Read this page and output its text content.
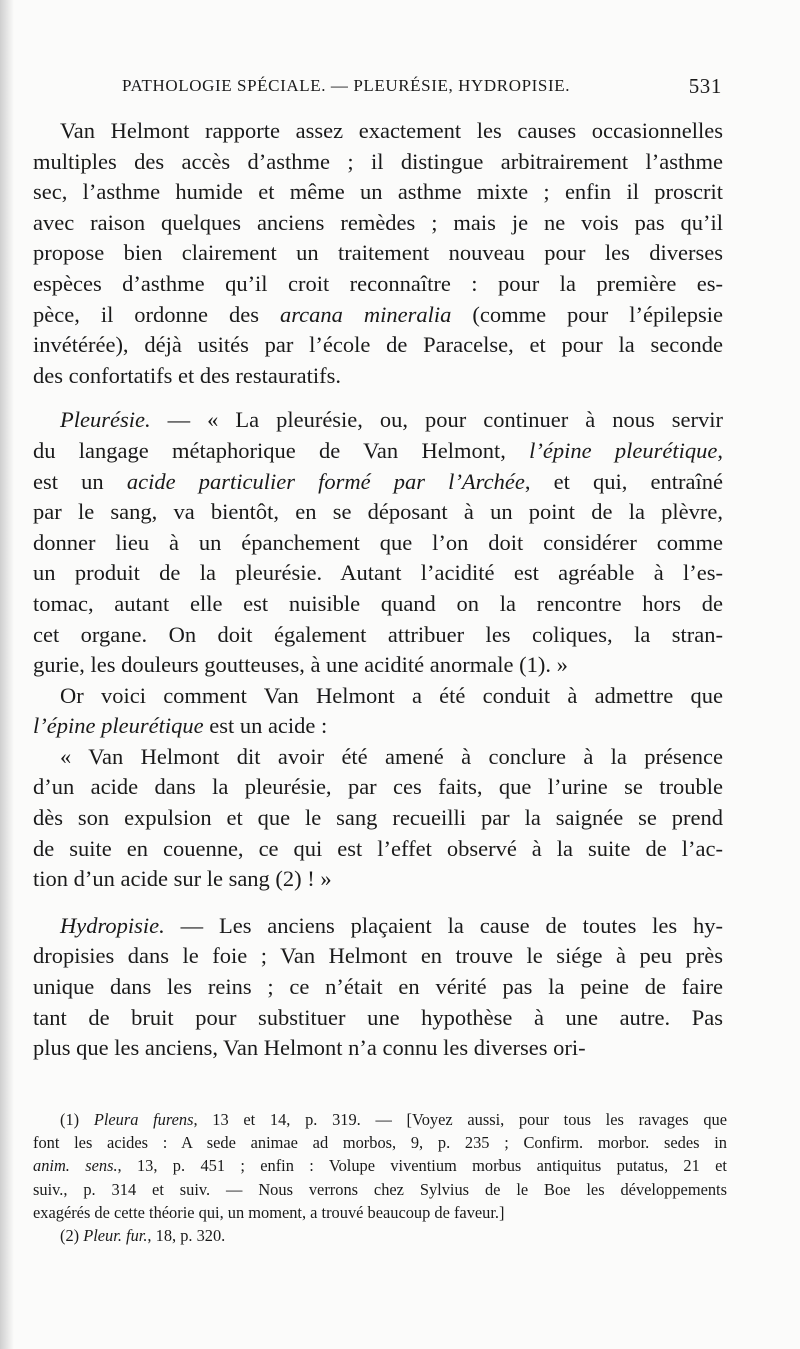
PATHOLOGIE SPÉCIALE. — PLEURÉSIE, HYDROPISIE.	531
Van Helmont rapporte assez exactement les causes occasionnelles
multiples des accès d’asthme ; il distingue arbitrairement l’asthme
sec, l’asthme humide et même un asthme mixte ; enfin il proscrit
avec raison quelques anciens remèdes ; mais je ne vois pas qu’il
propose bien clairement un traitement nouveau pour les diverses
espèces d’asthme qu’il croit reconnaître : pour la première es-
pèce, il ordonne des arcana mineralia (comme pour l’épilepsie
invétérée), déjà usités par l’école de Paracelse, et pour la seconde
des confortatifs et des restauratifs.
Pleurésie. — « La pleurésie, ou, pour continuer à nous servir
du langage métaphorique de Van Helmont, l’épine pleurétique,
est un acide particulier formé par l’Archée, et qui, entraîné
par le sang, va bientôt, en se déposant à un point de la plèvre,
donner lieu à un épanchement que l’on doit considérer comme
un produit de la pleurésie. Autant l’acidité est agréable à l’es-
tomac, autant elle est nuisible quand on la rencontre hors de
cet organe. On doit également attribuer les coliques, la stran-
gurie, les douleurs goutteuses, à une acidité anormale (1). »
Or voici comment Van Helmont a été conduit à admettre que
l’épine pleurétique est un acide :
« Van Helmont dit avoir été amené à conclure à la présence
d’un acide dans la pleurésie, par ces faits, que l’urine se trouble
dès son expulsion et que le sang recueilli par la saignée se prend
de suite en couenne, ce qui est l’effet observé à la suite de l’ac-
tion d’un acide sur le sang (2) ! »
Hydropisie. — Les anciens plaçaient la cause de toutes les hy-
dropisies dans le foie ; Van Helmont en trouve le siége à peu près
unique dans les reins ; ce n’était en vérité pas la peine de faire
tant de bruit pour substituer une hypothèse à une autre. Pas
plus que les anciens, Van Helmont n’a connu les diverses ori-
(1) Pleura furens, 13 et 14, p. 319. — [Voyez aussi, pour tous les ravages que
font les acides : A sede animae ad morbos, 9, p. 235 ; Confirm. morbor. sedes in
anim. sens., 13, p. 451 ; enfin : Volupe viventium morbus antiquitus putatus, 21 et
suiv., p. 314 et suiv. — Nous verrons chez Sylvius de le Boe les développements
exagérés de cette théorie qui, un moment, a trouvé beaucoup de faveur.]
(2) Pleur. fur., 18, p. 320.
